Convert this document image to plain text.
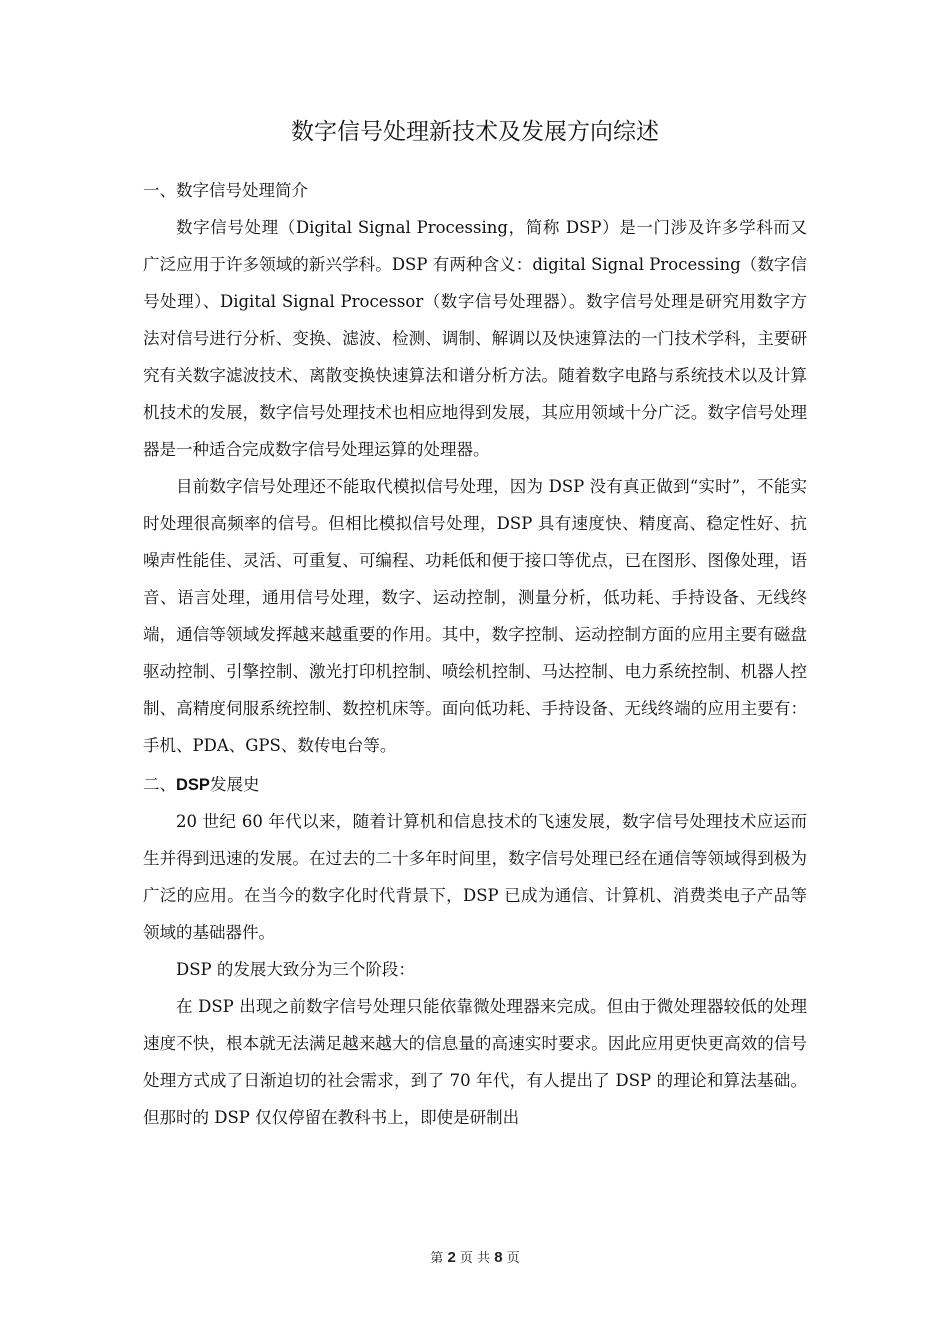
数字信号处理新技术及发展方向综述
一、数字信号处理简介

数字信号处理（Digital Signal Processing，简称 DSP）是一门涉及许多学科而又广泛应用于许多领域的新兴学科。DSP 有两种含义：digital Signal Processing（数字信号处理）、Digital Signal Processor（数字信号处理器）。数字信号处理是研究用数字方法对信号进行分析、变换、滤波、检测、调制、解调以及快速算法的一门技术学科，主要研究有关数字滤波技术、离散变换快速算法和谱分析方法。随着数字电路与系统技术以及计算机技术的发展，数字信号处理技术也相应地得到发展，其应用领域十分广泛。数字信号处理器是一种适合完成数字信号处理运算的处理器。

目前数字信号处理还不能取代模拟信号处理，因为 DSP 没有真正做到“实时”，不能实时处理很高频率的信号。但相比模拟信号处理，DSP 具有速度快、精度高、稳定性好、抗噪声性能佳、灵活、可重复、可编程、功耗低和便于接口等优点，已在图形、图像处理，语音、语言处理，通用信号处理，数字、运动控制，测量分析，低功耗、手持设备、无线终端，通信等领域发挥越来越重要的作用。其中，数字控制、运动控制方面的应用主要有磁盘驱动控制、引擎控制、激光打印机控制、喷绘机控制、马达控制、电力系统控制、机器人控制、高精度伺服系统控制、数控机床等。面向低功耗、手持设备、无线终端的应用主要有：手机、PDA、GPS、数传电台等。

二、DSP发展史

20 世纪 60 年代以来，随着计算机和信息技术的飞速发展，数字信号处理技术应运而生并得到迅速的发展。在过去的二十多年时间里，数字信号处理已经在通信等领域得到极为广泛的应用。在当今的数字化时代背景下，DSP 已成为通信、计算机、消费类电子产品等领域的基础器件。

DSP 的发展大致分为三个阶段：

在 DSP 出现之前数字信号处理只能依靠微处理器来完成。但由于微处理器较低的处理速度不快，根本就无法满足越来越大的信息量的高速实时要求。因此应用更快更高效的信号处理方式成了日渐迫切的社会需求，到了 70 年代，有人提出了 DSP 的理论和算法基础。但那时的 DSP 仅仅停留在教科书上，即使是研制出

第 2 页 共 8 页
